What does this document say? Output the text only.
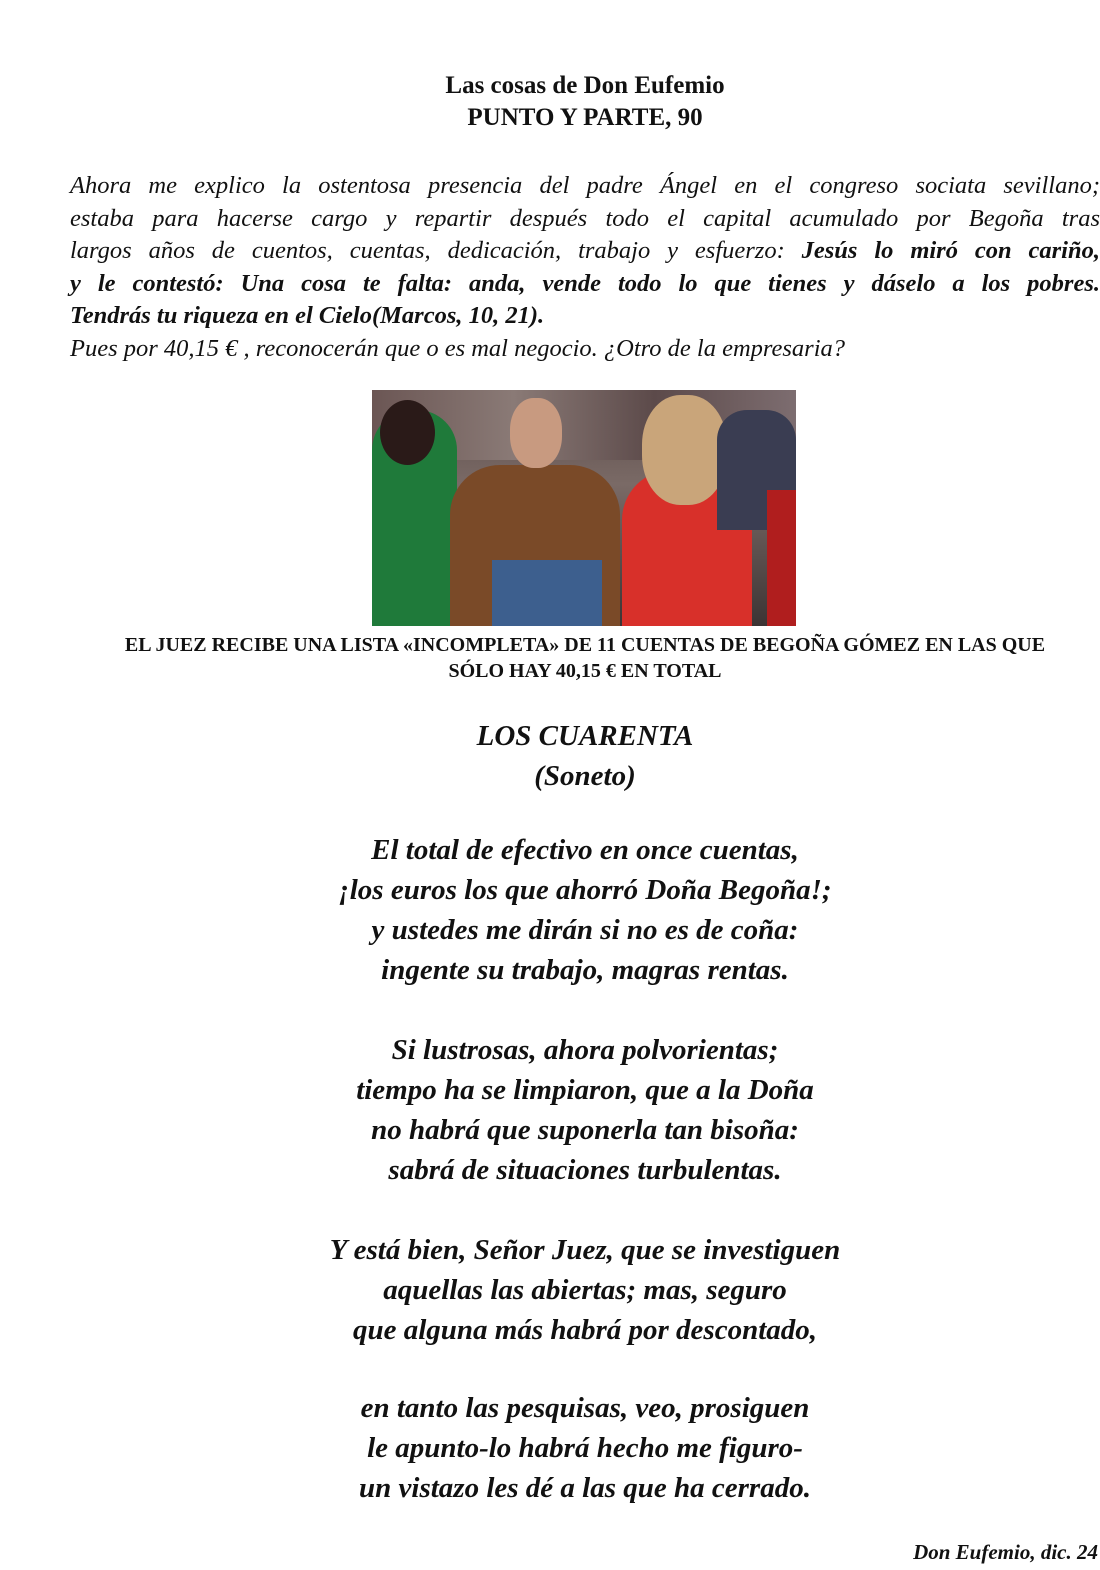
Las cosas de Don Eufemio
PUNTO Y PARTE, 90
Ahora me explico la ostentosa presencia del padre Ángel en el congreso sociata sevillano;
estaba para hacerse cargo y repartir después todo el capital acumulado por Begoña tras
largos años de cuentos, cuentas, dedicación, trabajo y esfuerzo: Jesús lo miró con cariño,
y le contestó: Una cosa te falta: anda, vende todo lo que tienes y dáselo a los pobres.
Tendrás tu riqueza en el Cielo(Marcos, 10, 21).
Pues por 40,15 € , reconocerán que o es mal negocio. ¿Otro de la empresaria?
EL JUEZ RECIBE UNA LISTA «INCOMPLETA» DE 11 CUENTAS DE BEGOÑA GÓMEZ EN LAS QUE
SÓLO HAY 40,15 € EN TOTAL
LOS CUARENTA
(Soneto)
El total de efectivo en once cuentas,
¡los euros los que ahorró Doña Begoña!;
y ustedes me dirán si no es de coña:
ingente su trabajo, magras rentas.
Si lustrosas, ahora polvorientas;
tiempo ha se limpiaron, que a la Doña
no habrá que suponerla tan bisoña:
sabrá de situaciones turbulentas.
Y está bien, Señor Juez, que se investiguen
aquellas las abiertas; mas, seguro
que alguna más habrá por descontado,
en tanto las pesquisas, veo, prosiguen
le apunto-lo habrá hecho me figuro-
un vistazo les dé a las que ha cerrado.
Don Eufemio, dic. 24
